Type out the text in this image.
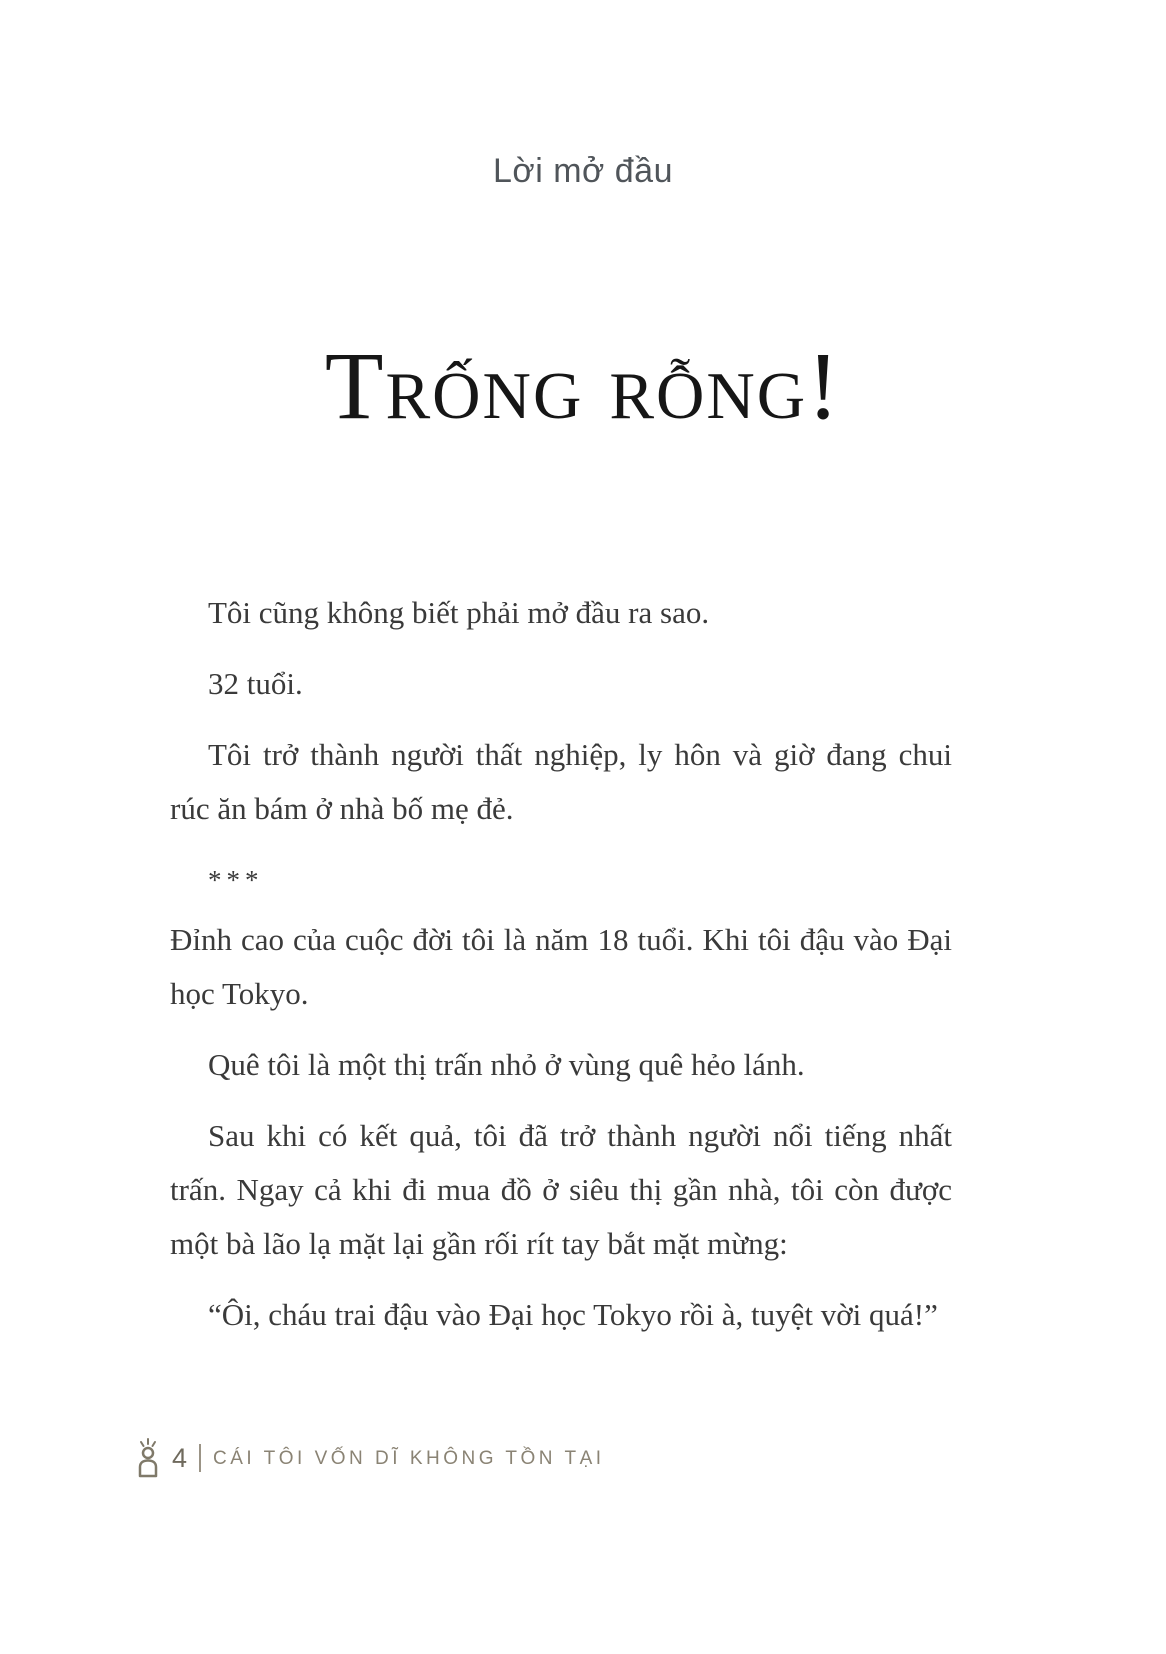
Lời mở đầu
Trống rỗng!

Tôi cũng không biết phải mở đầu ra sao.

32 tuổi.

Tôi trở thành người thất nghiệp, ly hôn và giờ đang chui rúc ăn bám ở nhà bố mẹ đẻ.

***

Đỉnh cao của cuộc đời tôi là năm 18 tuổi. Khi tôi đậu vào Đại học Tokyo.

Quê tôi là một thị trấn nhỏ ở vùng quê hẻo lánh.

Sau khi có kết quả, tôi đã trở thành người nổi tiếng nhất trấn. Ngay cả khi đi mua đồ ở siêu thị gần nhà, tôi còn được một bà lão lạ mặt lại gần rối rít tay bắt mặt mừng:

“Ôi, cháu trai đậu vào Đại học Tokyo rồi à, tuyệt vời quá!”

4 CÁI TÔI VỐN DĨ KHÔNG TỒN TẠI
